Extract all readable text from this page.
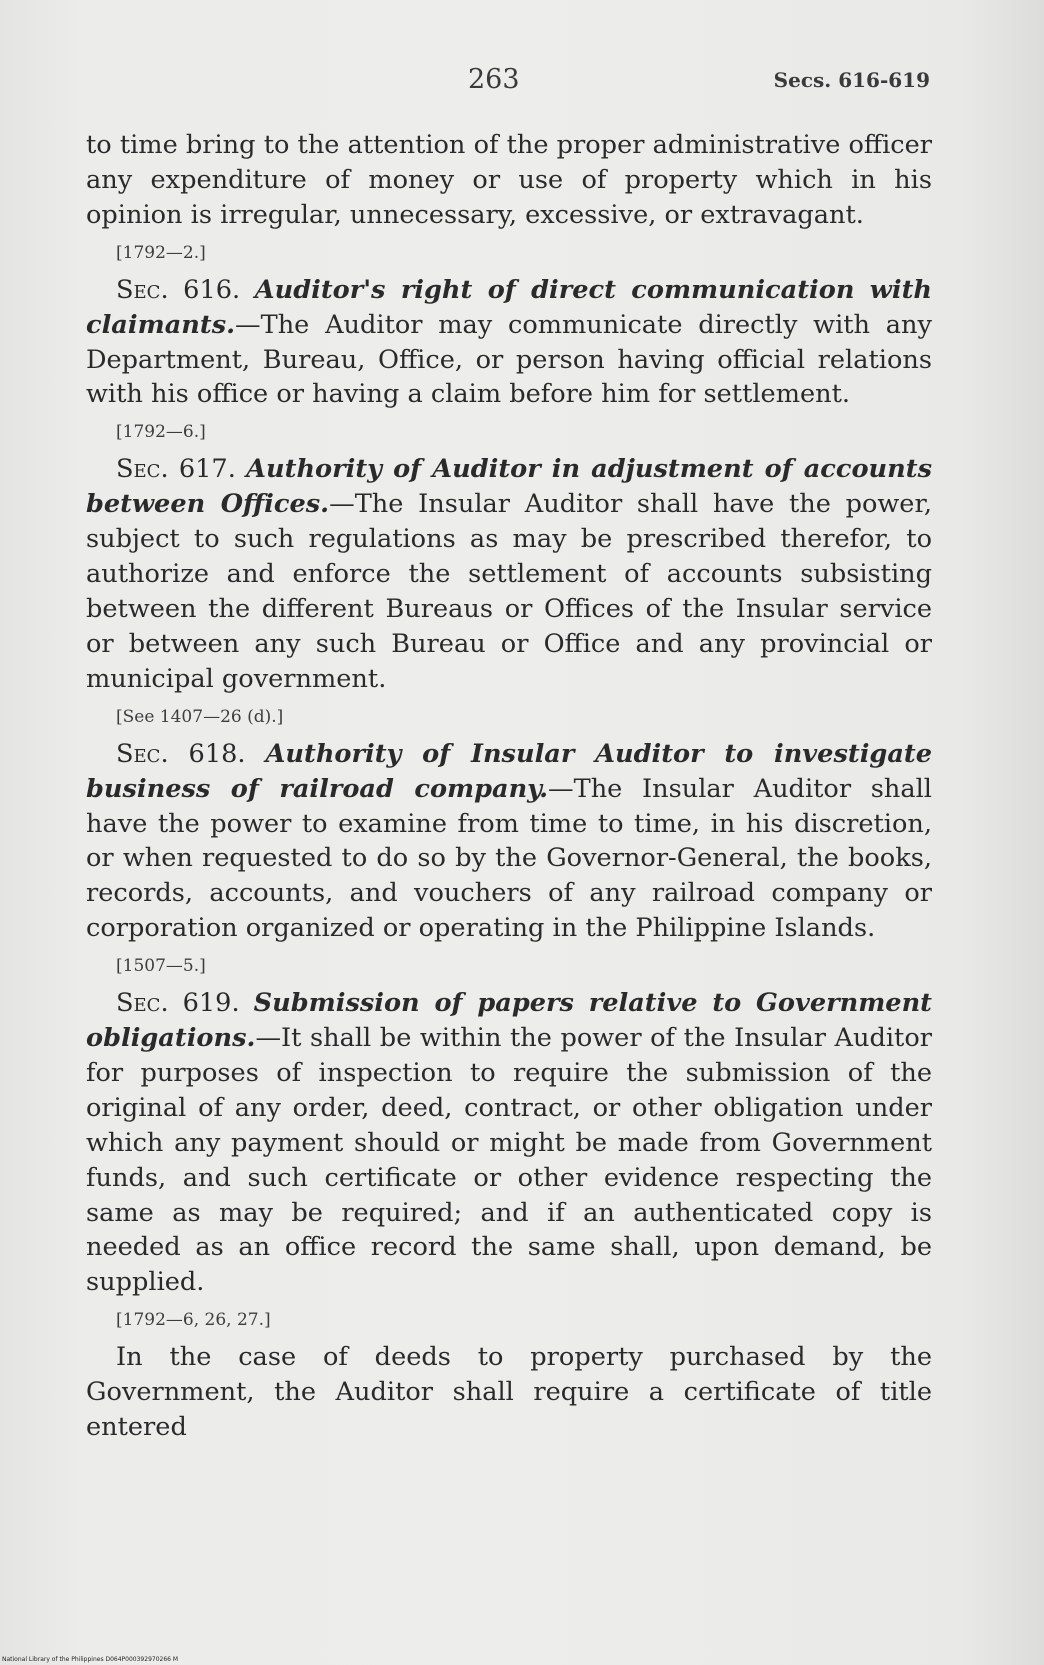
263	Secs. 616-619

to time bring to the attention of the proper administrative officer any expenditure of money or use of property which in his opinion is irregular, unnecessary, excessive, or extravagant.

[1792—2.]

Sec. 616. Auditor's right of direct communication with claimants.—The Auditor may communicate directly with any Department, Bureau, Office, or person having official relations with his office or having a claim before him for settlement.

[1792—6.]

Sec. 617. Authority of Auditor in adjustment of accounts between Offices.—The Insular Auditor shall have the power, subject to such regulations as may be prescribed therefor, to authorize and enforce the settlement of accounts subsisting between the different Bureaus or Offices of the Insular service or between any such Bureau or Office and any provincial or municipal government.

[See 1407—26 (d).]

Sec. 618. Authority of Insular Auditor to investigate business of railroad company.—The Insular Auditor shall have the power to examine from time to time, in his discretion, or when requested to do so by the Governor-General, the books, records, accounts, and vouchers of any railroad company or corporation organized or operating in the Philippine Islands.

[1507—5.]

Sec. 619. Submission of papers relative to Government obligations.—It shall be within the power of the Insular Auditor for purposes of inspection to require the submission of the original of any order, deed, contract, or other obligation under which any payment should or might be made from Government funds, and such certificate or other evidence respecting the same as may be required; and if an authenticated copy is needed as an office record the same shall, upon demand, be supplied.

[1792—6, 26, 27.]

In the case of deeds to property purchased by the Government, the Auditor shall require a certificate of title entered

National Library of the Philippines D064P000392970266 M
